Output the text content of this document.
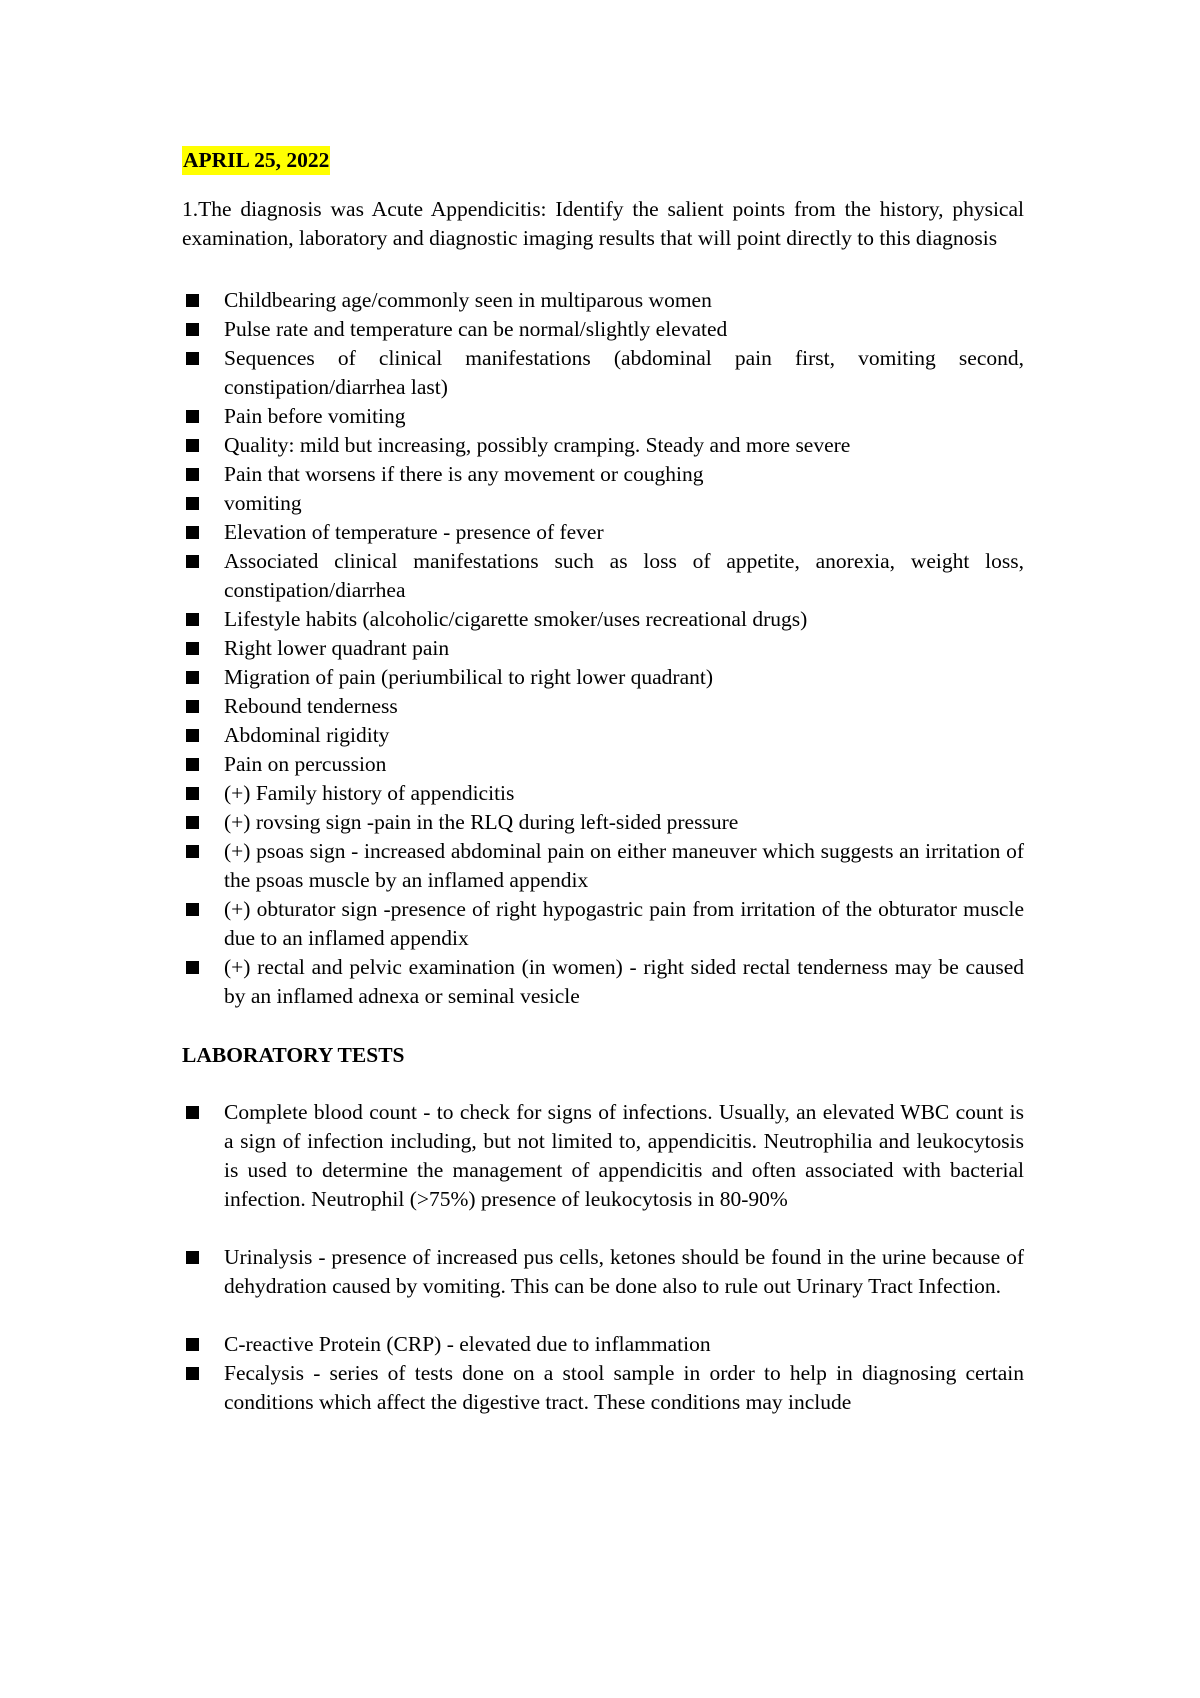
APRIL 25, 2022

1.The diagnosis was Acute Appendicitis: Identify the salient points from the history, physical examination, laboratory and diagnostic imaging results that will point directly to this diagnosis

Childbearing age/commonly seen in multiparous women
Pulse rate and temperature can be normal/slightly elevated
Sequences of clinical manifestations (abdominal pain first, vomiting second, constipation/diarrhea last)
Pain before vomiting
Quality: mild but increasing, possibly cramping. Steady and more severe
Pain that worsens if there is any movement or coughing
vomiting
Elevation of temperature - presence of fever
Associated clinical manifestations such as loss of appetite, anorexia, weight loss, constipation/diarrhea
Lifestyle habits (alcoholic/cigarette smoker/uses recreational drugs)
Right lower quadrant pain
Migration of pain (periumbilical to right lower quadrant)
Rebound tenderness
Abdominal rigidity
Pain on percussion
(+) Family history of appendicitis
(+) rovsing sign -pain in the RLQ during left-sided pressure
(+) psoas sign - increased abdominal pain on either maneuver which suggests an irritation of the psoas muscle by an inflamed appendix
(+) obturator sign -presence of right hypogastric pain from irritation of the obturator muscle due to an inflamed appendix
(+) rectal and pelvic examination (in women) - right sided rectal tenderness may be caused by an inflamed adnexa or seminal vesicle

LABORATORY TESTS

Complete blood count - to check for signs of infections. Usually, an elevated WBC count is a sign of infection including, but not limited to, appendicitis. Neutrophilia and leukocytosis is used to determine the management of appendicitis and often associated with bacterial infection. Neutrophil (>75%) presence of leukocytosis in 80-90%
Urinalysis - presence of increased pus cells, ketones should be found in the urine because of dehydration caused by vomiting. This can be done also to rule out Urinary Tract Infection.
C-reactive Protein (CRP) - elevated due to inflammation
Fecalysis - series of tests done on a stool sample in order to help in diagnosing certain conditions which affect the digestive tract. These conditions may include
